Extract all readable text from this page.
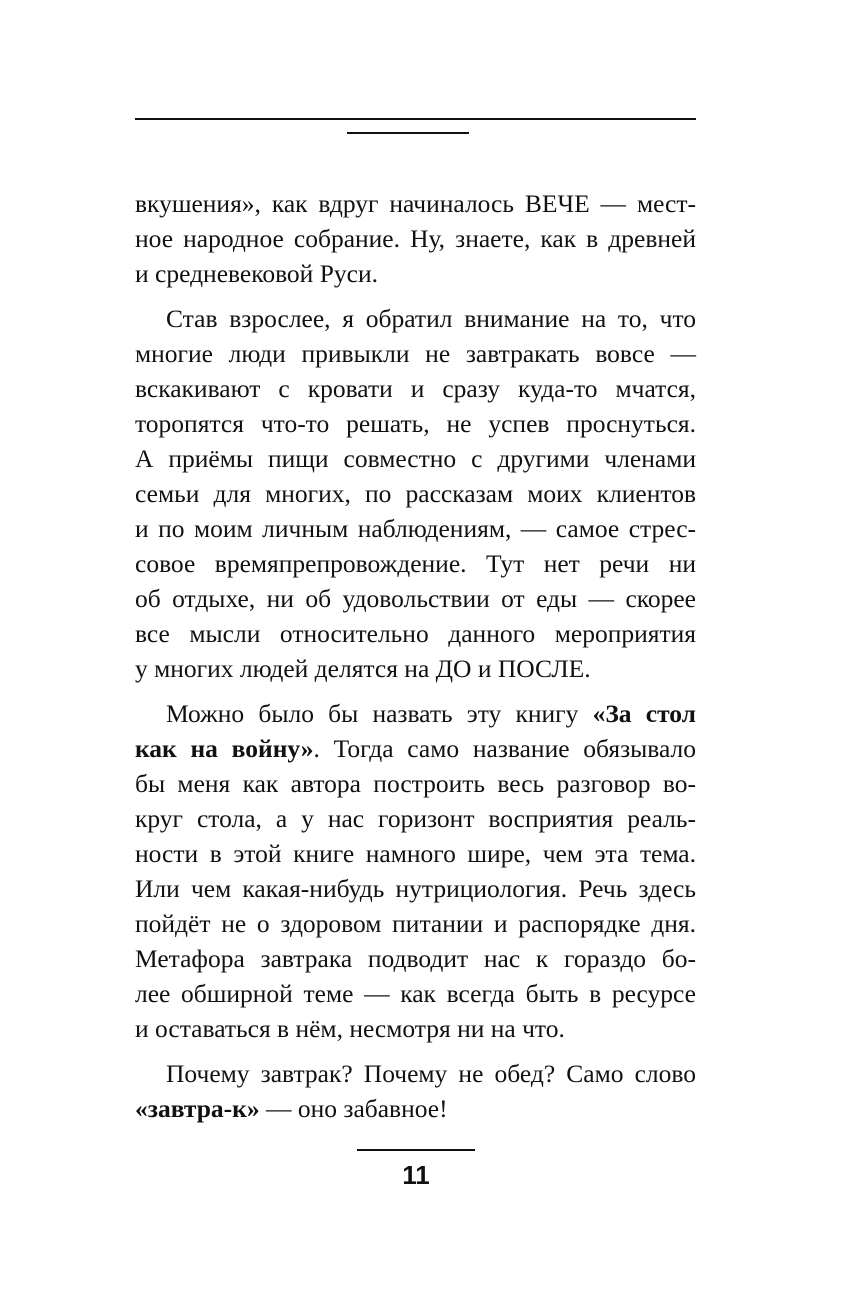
вкушения», как вдруг начиналось ВЕЧЕ — мест-
ное народное собрание. Ну, знаете, как в древней
и средневековой Руси.
Став взрослее, я обратил внимание на то, что
многие люди привыкли не завтракать вовсе —
вскакивают с кровати и сразу куда-то мчатся,
торопятся что-то решать, не успев проснуться.
А приёмы пищи совместно с другими членами
семьи для многих, по рассказам моих клиентов
и по моим личным наблюдениям, — самое стрес-
совое времяпрепровождение. Тут нет речи ни
об отдыхе, ни об удовольствии от еды — скорее
все мысли относительно данного мероприятия
у многих людей делятся на ДО и ПОСЛЕ.
Можно было бы назвать эту книгу «За стол
как на войну». Тогда само название обязывало
бы меня как автора построить весь разговор во-
круг стола, а у нас горизонт восприятия реаль-
ности в этой книге намного шире, чем эта тема.
Или чем какая-нибудь нутрициология. Речь здесь
пойдёт не о здоровом питании и распорядке дня.
Метафора завтрака подводит нас к гораздо бо-
лее обширной теме — как всегда быть в ресурсе
и оставаться в нём, несмотря ни на что.
Почему завтрак? Почему не обед? Само слово
«завтра-к» — оно забавное!
11
